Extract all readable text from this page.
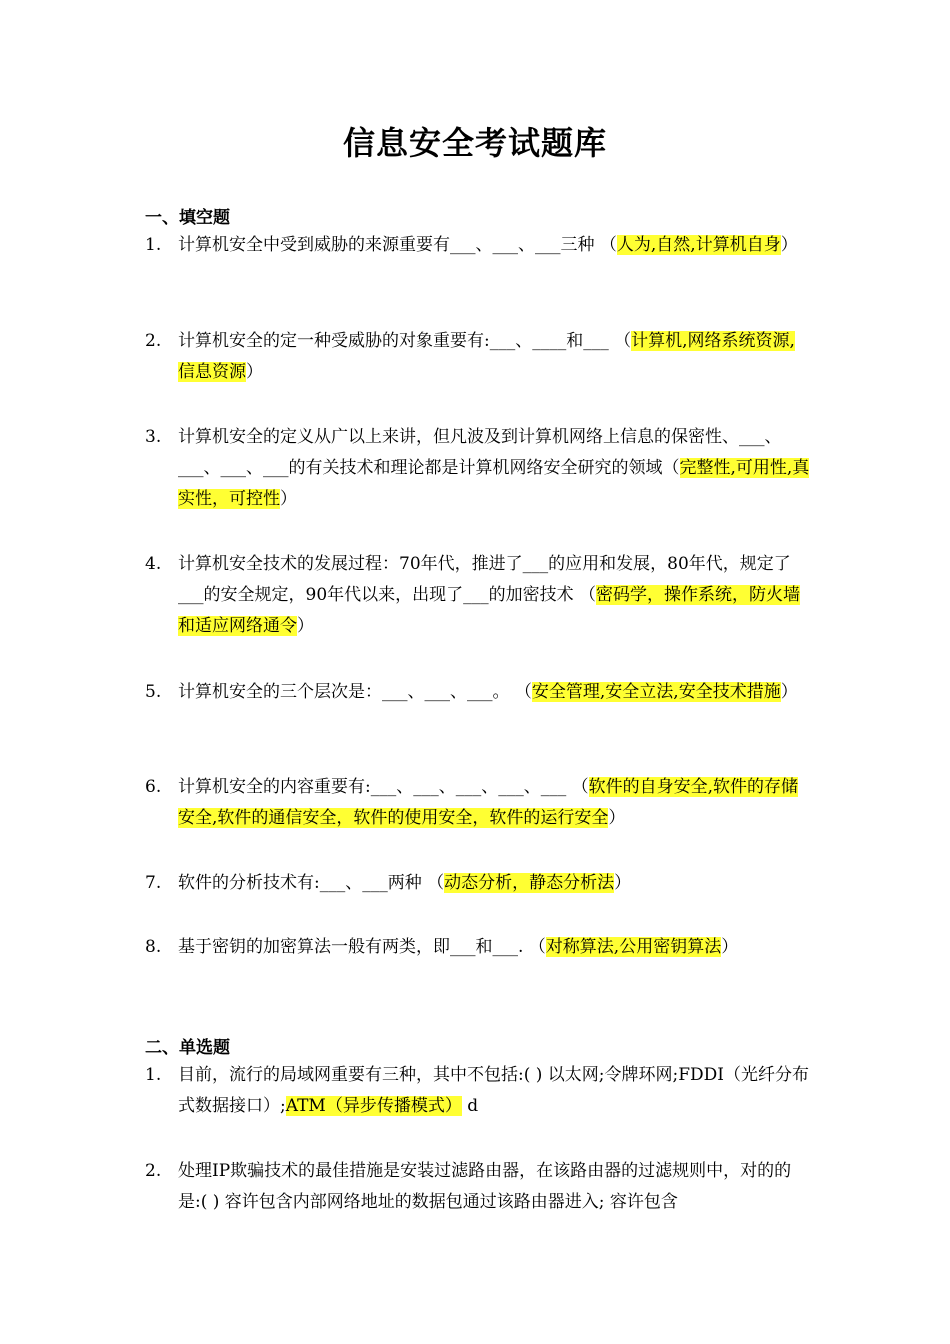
信息安全考试题库
一、填空题
1. 计算机安全中受到威胁的来源重要有___、___、___三种 （人为,自然,计算机自身）
2. 计算机安全的定一种受威胁的对象重要有:___、____和___ （计算机,网络系统资源,信息资源）
3. 计算机安全的定义从广以上来讲，但凡波及到计算机网络上信息的保密性、___、___、___、___的有关技术和理论都是计算机网络安全研究的领域（完整性,可用性,真实性，可控性）
4. 计算机安全技术的发展过程：70年代，推进了___的应用和发展，80年代，规定了___的安全规定，90年代以来，出现了___的加密技术 （密码学，操作系统，防火墙和适应网络通令）
5. 计算机安全的三个层次是：___、___、___。 （安全管理,安全立法,安全技术措施）
6. 计算机安全的内容重要有:___、___、___、___、___ （软件的自身安全,软件的存储安全,软件的通信安全，软件的使用安全，软件的运行安全）
7. 软件的分析技术有:___、___两种 （动态分析，静态分析法）
8. 基于密钥的加密算法一般有两类，即___和___. （对称算法,公用密钥算法）
二、单选题
1. 目前，流行的局域网重要有三种，其中不包括:( ) 以太网;令牌环网;FDDI（光纤分布式数据接口）;ATM（异步传播模式） d
2. 处理IP欺骗技术的最佳措施是安装过滤路由器，在该路由器的过滤规则中，对的的是:( ) 容许包含内部网络地址的数据包通过该路由器进入; 容许包含
